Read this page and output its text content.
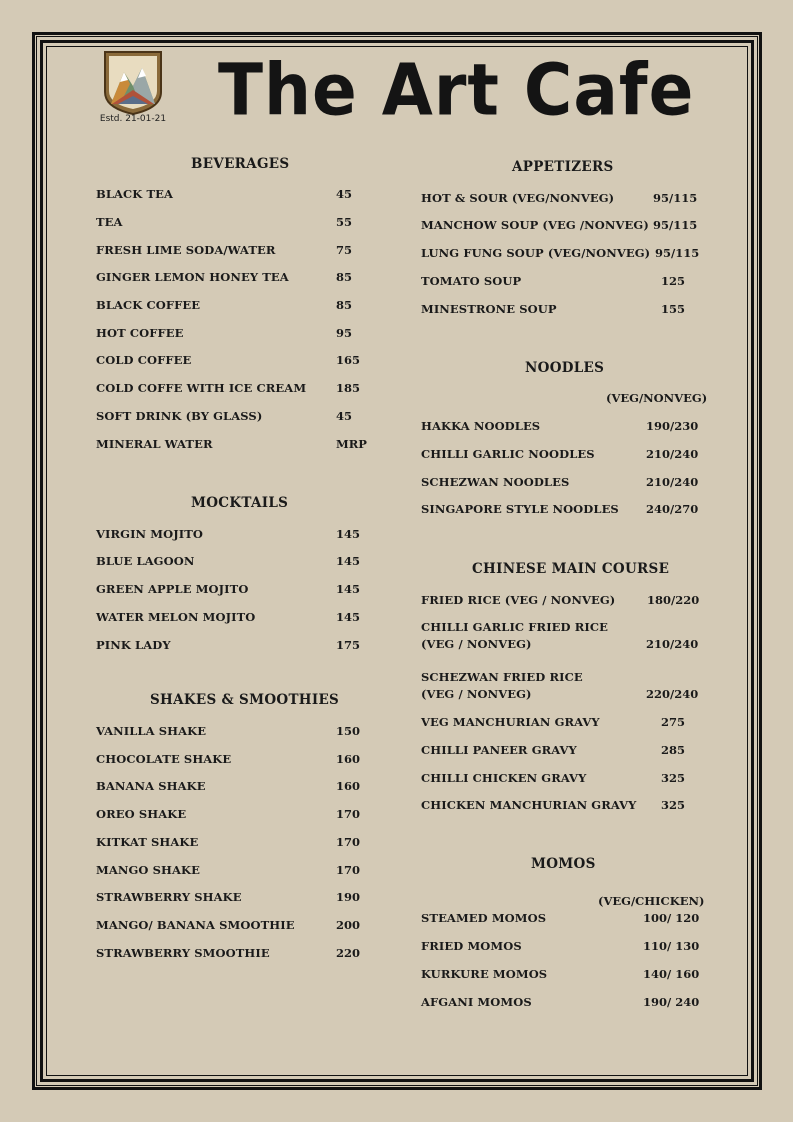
Estd. 21-01-21 The Art Cafe
BEVERAGES
MOCKTAILS
SHAKES & SMOOTHIES
APPETIZERS
NOODLES
(VEG/NONVEG)
CHINESE MAIN COURSE
MOMOS
(VEG/CHICKEN)
BLACK TEA	45
TEA	55
FRESH LIME SODA/WATER	75
GINGER LEMON HONEY TEA	85
BLACK COFFEE	85
HOT COFFEE	95
COLD COFFEE	165
COLD COFFE WITH ICE CREAM	185
SOFT DRINK (BY GLASS)	45
MINERAL WATER	MRP
VIRGIN MOJITO	145
BLUE LAGOON	145
GREEN APPLE MOJITO	145
WATER MELON MOJITO	145
PINK LADY	175
VANILLA SHAKE	150
CHOCOLATE SHAKE	160
BANANA SHAKE	160
OREO SHAKE	170
KITKAT SHAKE	170
MANGO SHAKE	170
STRAWBERRY SHAKE	190
MANGO/ BANANA SMOOTHIE	200
STRAWBERRY SMOOTHIE	220
HOT & SOUR (VEG/NONVEG)	95/115
MANCHOW SOUP (VEG /NONVEG) 95/115
LUNG FUNG SOUP (VEG/NONVEG) 95/115
TOMATO SOUP	125
MINESTRONE SOUP	155
HAKKA NOODLES	190/230
CHILLI GARLIC NOODLES	210/240
SCHEZWAN NOODLES	210/240
SINGAPORE STYLE NOODLES 240/270
FRIED RICE (VEG / NONVEG)	180/220
CHILLI GARLIC FRIED RICE
(VEG / NONVEG)	210/240
SCHEZWAN FRIED RICE
(VEG / NONVEG)	220/240
VEG MANCHURIAN GRAVY	275
CHILLI PANEER GRAVY	285
CHILLI CHICKEN GRAVY	325
CHICKEN MANCHURIAN GRAVY 325
STEAMED MOMOS	100/ 120
FRIED MOMOS	110/ 130
KURKURE MOMOS	140/ 160
AFGANI MOMOS	190/ 240
